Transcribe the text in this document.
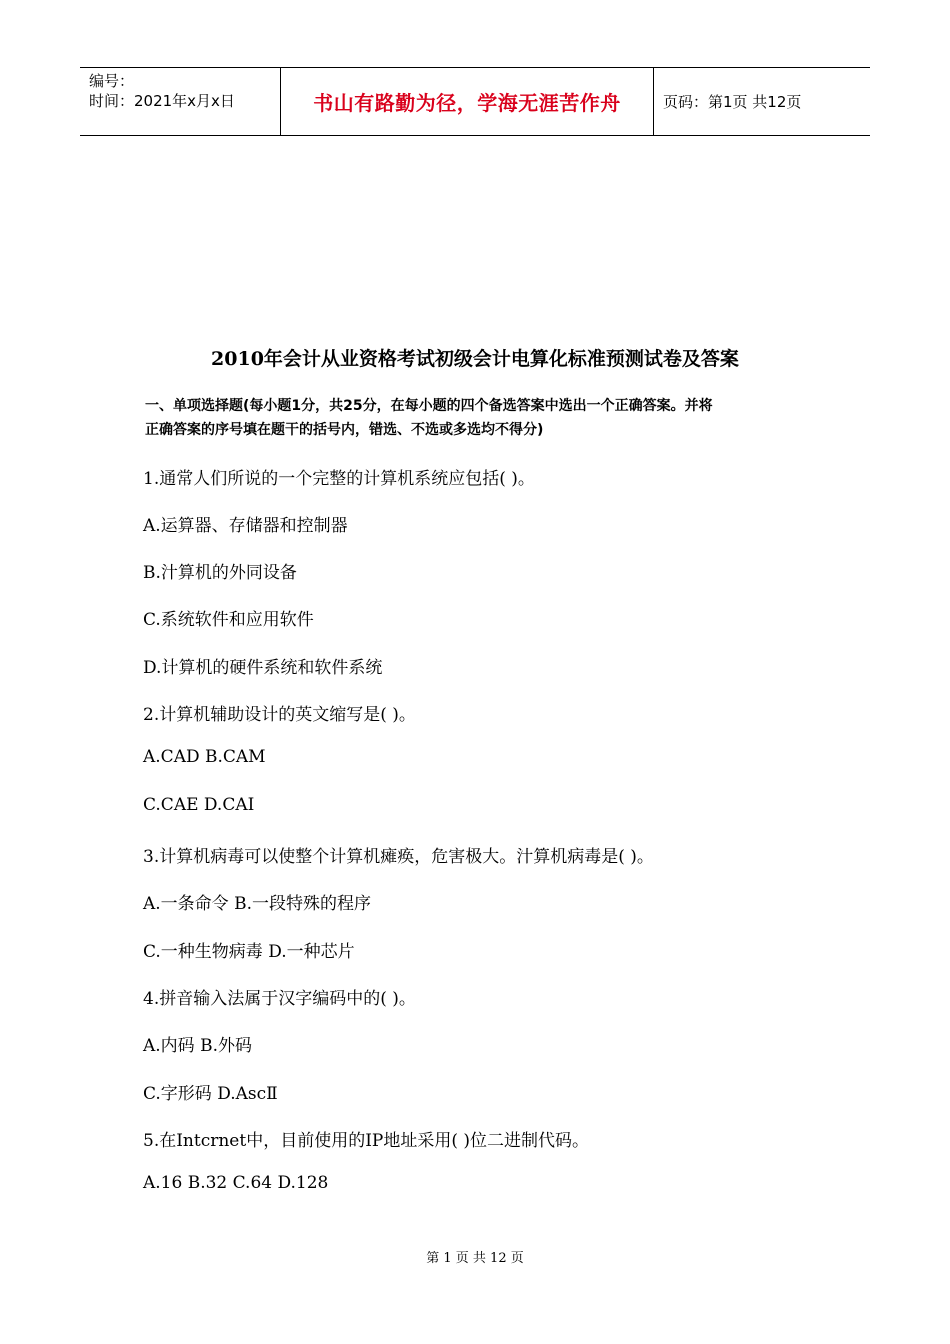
编号：
时间：2021年x月x日	书山有路勤为径，学海无涯苦作舟	页码：第1页 共12页
2010年会计从业资格考试初级会计电算化标准预测试卷及答案
一、单项选择题(每小题1分，共25分，在每小题的四个备选答案中选出一个正确答案。并将
正确答案的序号填在题干的括号内，错选、不选或多选均不得分)
1.通常人们所说的一个完整的计算机系统应包括( )。
A.运算器、存储器和控制器
B.汁算机的外同设备
C.系统软件和应用软件
D.计算机的硬件系统和软件系统
2.计算机辅助设计的英文缩写是( )。
A.CAD B.CAM
C.CAE D.CAI
3.计算机病毒可以使整个计算机瘫痪，危害极大。汁算机病毒是( )。
A.一条命令 B.一段特殊的程序
C.一种生物病毒 D.一种芯片
4.拼音输入法属于汉字编码中的( )。
A.内码 B.外码
C.字形码 D.AscⅡ
5.在Intcrnet中，目前使用的IP地址采用( )位二进制代码。
A.16 B.32 C.64 D.128
第 1 页 共 12 页
